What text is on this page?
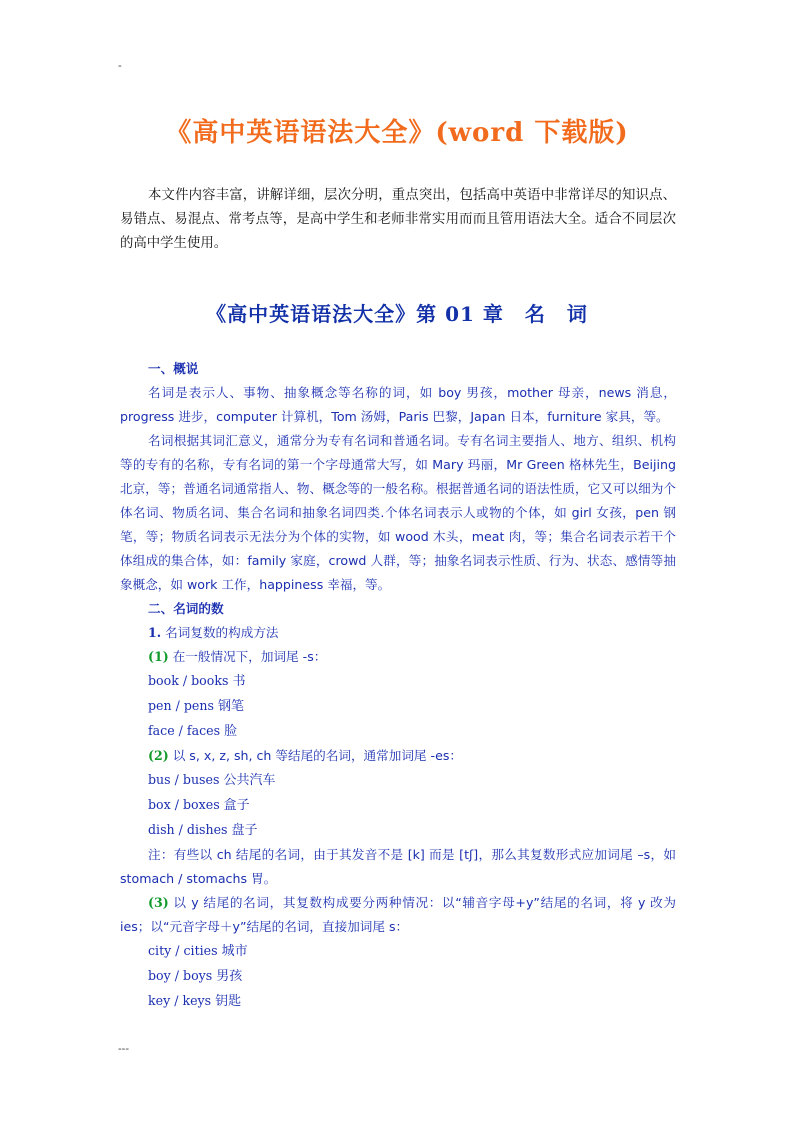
-
《高中英语语法大全》(word 下载版)
本文件内容丰富，讲解详细，层次分明，重点突出，包括高中英语中非常详尽的知识点、易错点、易混点、常考点等，是高中学生和老师非常实用而而且管用语法大全。适合不同层次的高中学生使用。
《高中英语语法大全》第 01 章　名　词
一、概说
名词是表示人、事物、抽象概念等名称的词，如 boy 男孩，mother 母亲，news 消息，progress 进步，computer 计算机，Tom 汤姆，Paris 巴黎，Japan 日本，furniture 家具，等。
名词根据其词汇意义，通常分为专有名词和普通名词。专有名词主要指人、地方、组织、机构等的专有的名称，专有名词的第一个字母通常大写，如 Mary 玛丽，Mr Green 格林先生，Beijing 北京，等；普通名词通常指人、物、概念等的一般名称。根据普通名词的语法性质，它又可以细为个体名词、物质名词、集合名词和抽象名词四类.个体名词表示人或物的个体，如 girl 女孩，pen 钢笔，等；物质名词表示无法分为个体的实物，如 wood 木头，meat 肉，等；集合名词表示若干个体组成的集合体，如：family 家庭，crowd 人群，等；抽象名词表示性质、行为、状态、感情等抽象概念，如 work 工作，happiness 幸福，等。
二、名词的数
1. 名词复数的构成方法
(1) 在一般情况下，加词尾 -s：
book / books 书
pen / pens 钢笔
face / faces 脸
(2) 以 s, x, z, sh, ch 等结尾的名词，通常加词尾 -es：
bus / buses 公共汽车
box / boxes 盒子
dish / dishes 盘子
注：有些以 ch 结尾的名词，由于其发音不是 [k] 而是 [tʃ]，那么其复数形式应加词尾 –s，如 stomach / stomachs 胃。
(3) 以 y 结尾的名词，其复数构成要分两种情况：以“辅音字母+y”结尾的名词，将 y 改为 ies；以“元音字母＋y”结尾的名词，直接加词尾 s：
city / cities 城市
boy / boys 男孩
key / keys 钥匙
---
